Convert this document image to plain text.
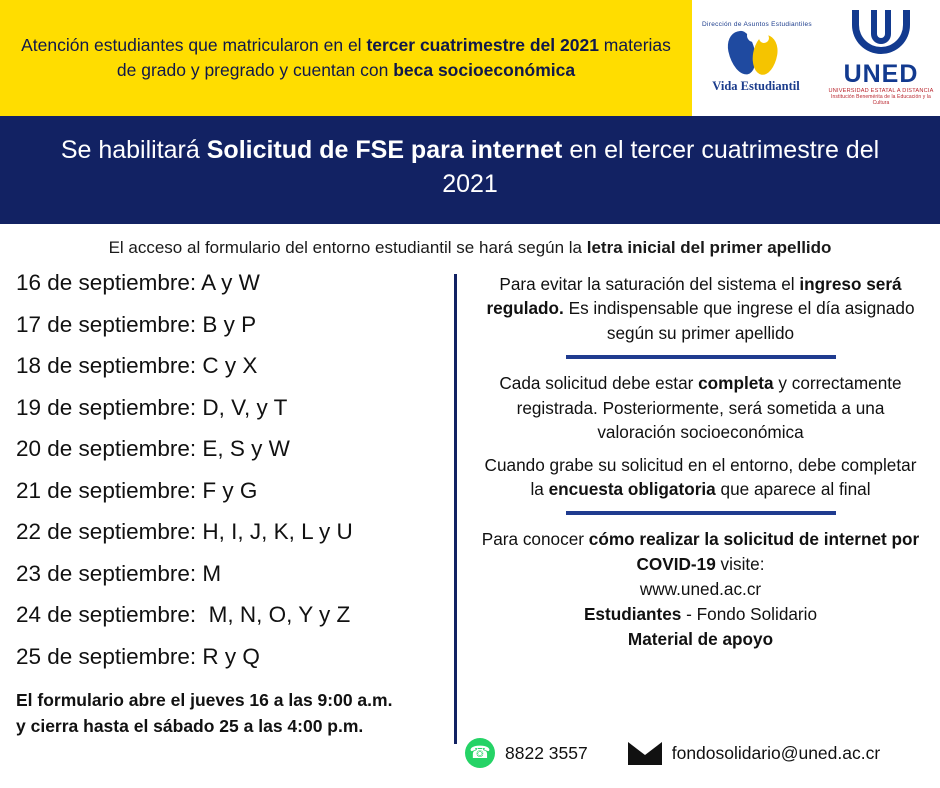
Atención estudiantes que matricularon en el tercer cuatrimestre del 2021 materias de grado y pregrado y cuentan con beca socioeconómica

Dirección de Asuntos Estudiantiles
Vida Estudiantil	UNED
UNIVERSIDAD ESTATAL A DISTANCIA
Institución Benemérita de la Educación y la Cultura

Se habilitará Solicitud de FSE para internet en el tercer cuatrimestre del 2021

El acceso al formulario del entorno estudiantil se hará según la letra inicial del primer apellido
16 de septiembre: A y W
17 de septiembre: B y P
18 de septiembre: C y X
19 de septiembre: D, V, y T
20 de septiembre: E, S y W
21 de septiembre: F y G
22 de septiembre: H, I, J, K, L y U
23 de septiembre: M
24 de septiembre:  M, N, O, Y y Z
25 de septiembre: R y Q
El formulario abre el jueves 16 a las 9:00 a.m.
y cierra hasta el sábado 25 a las 4:00 p.m.

Para evitar la saturación del sistema el ingreso será regulado. Es indispensable que ingrese el día asignado según su primer apellido

Cada solicitud debe estar completa y correctamente registrada. Posteriormente, será sometida a una valoración socioeconómica

Cuando grabe su solicitud en el entorno, debe completar la encuesta obligatoria que aparece al final

Para conocer cómo realizar la solicitud de internet por COVID-19 visite:

www.uned.ac.cr

Estudiantes - Fondo Solidario

Material de apoyo

☎ 8822 3557	fondosolidario@uned.ac.cr
